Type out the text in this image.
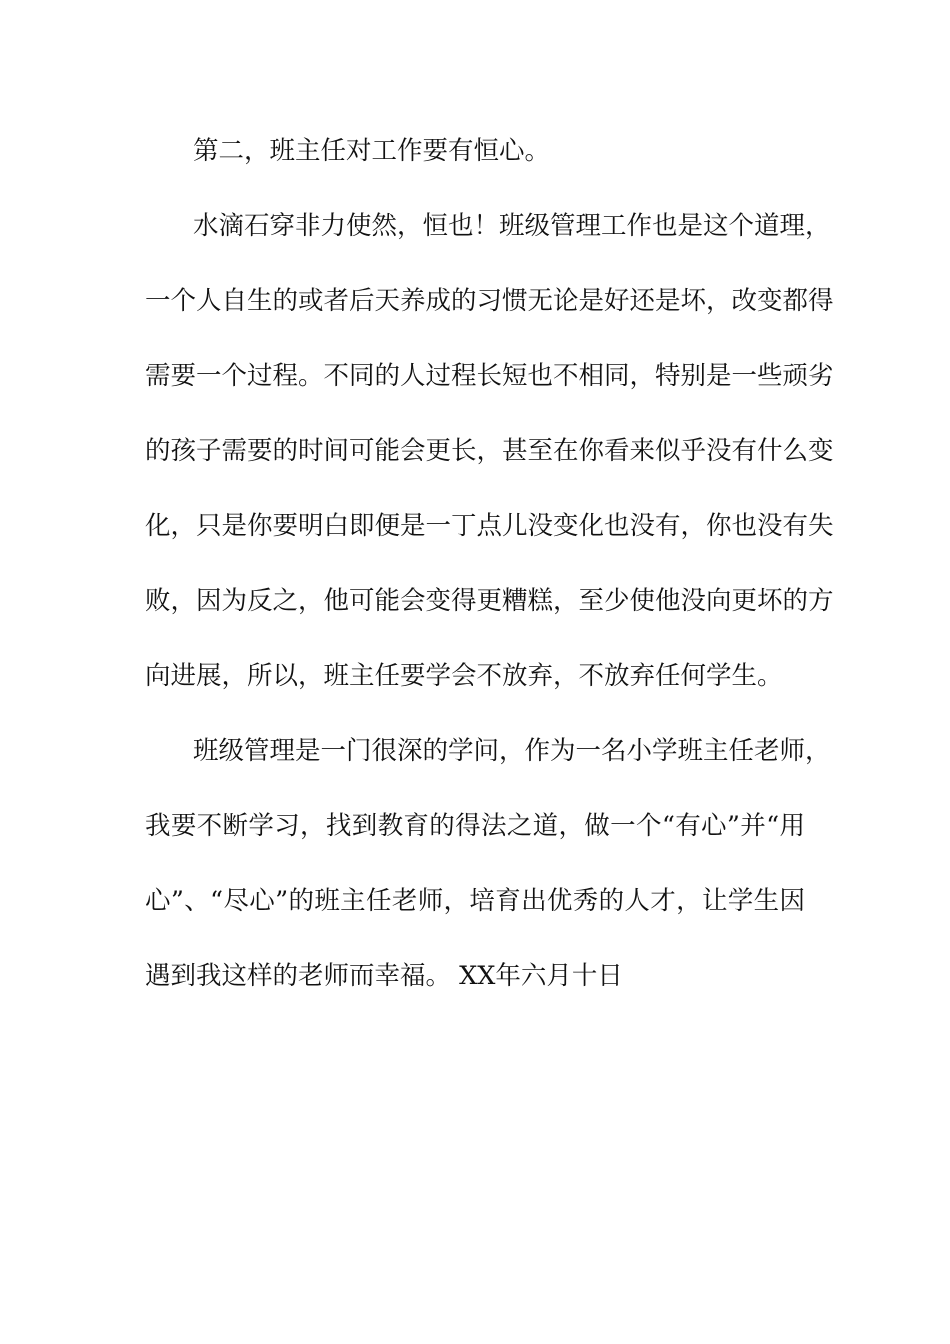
第二，班主任对工作要有恒心。
水滴石穿非力使然，恒也！班级管理工作也是这个道理，
一个人自生的或者后天养成的习惯无论是好还是坏，改变都得
需要一个过程。不同的人过程长短也不相同，特别是一些顽劣
的孩子需要的时间可能会更长，甚至在你看来似乎没有什么变
化，只是你要明白即便是一丁点儿没变化也没有，你也没有失
败，因为反之，他可能会变得更糟糕，至少使他没向更坏的方
向进展，所以，班主任要学会不放弃，不放弃任何学生。
班级管理是一门很深的学问，作为一名小学班主任老师，
我要不断学习，找到教育的得法之道，做一个“有心”并“用
心”、“尽心”的班主任老师，培育出优秀的人才，让学生因
遇到我这样的老师而幸福。 XX年六月十日
